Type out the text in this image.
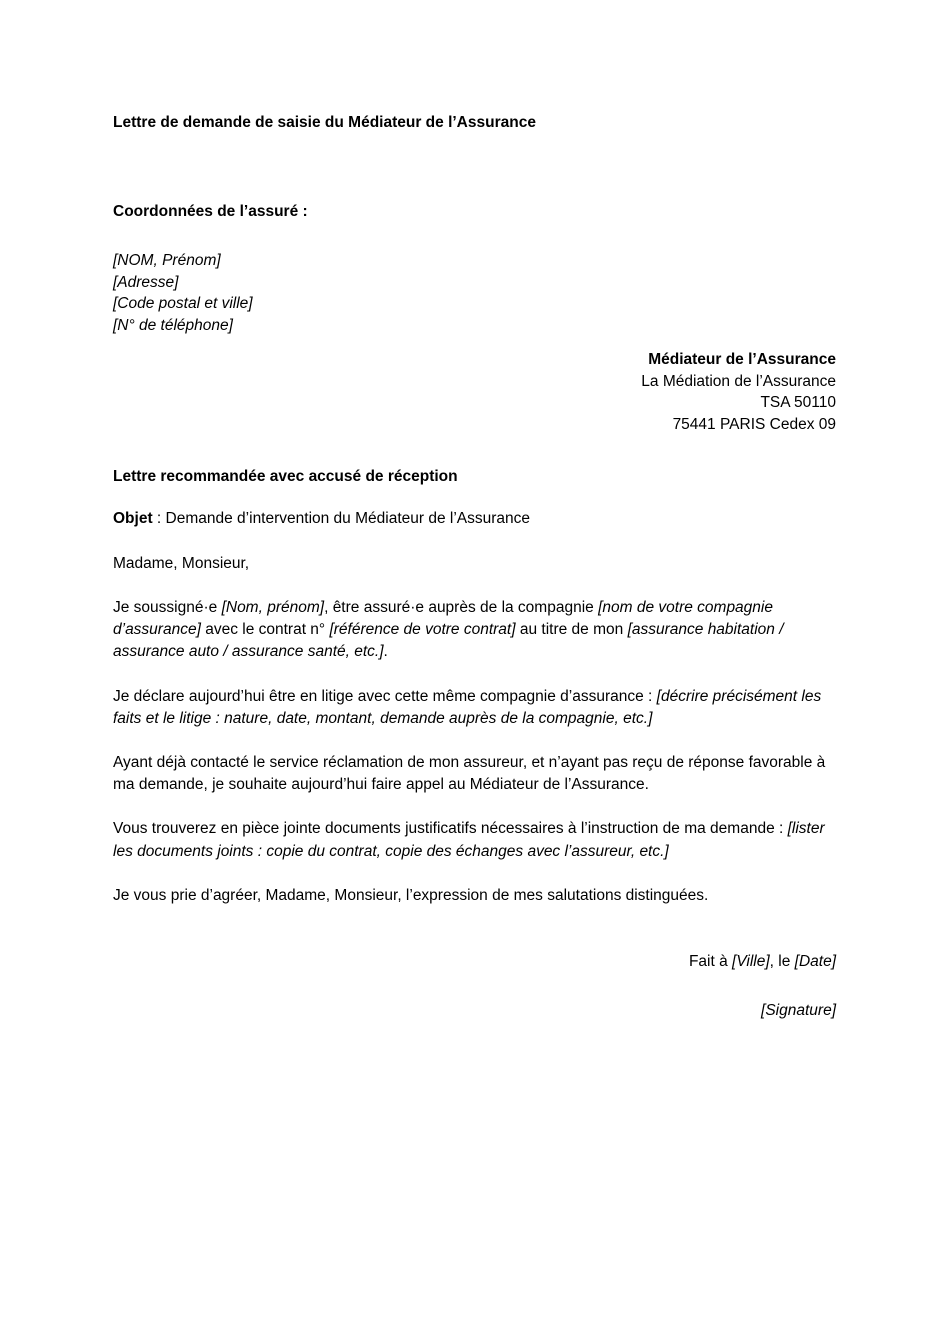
Lettre de demande de saisie du Médiateur de l’Assurance
Coordonnées de l’assuré :
[NOM, Prénom]
[Adresse]
[Code postal et ville]
[N° de téléphone]
Médiateur de l’Assurance
La Médiation de l’Assurance
TSA 50110
75441 PARIS Cedex 09

Lettre recommandée avec accusé de réception

Objet : Demande d’intervention du Médiateur de l’Assurance

Madame, Monsieur,

Je soussigné·e [Nom, prénom], être assuré·e auprès de la compagnie [nom de votre compagnie d’assurance] avec le contrat n° [référence de votre contrat] au titre de mon [assurance habitation / assurance auto / assurance santé, etc.].

Je déclare aujourd’hui être en litige avec cette même compagnie d’assurance : [décrire précisément les faits et le litige : nature, date, montant, demande auprès de la compagnie, etc.]

Ayant déjà contacté le service réclamation de mon assureur, et n’ayant pas reçu de réponse favorable à ma demande, je souhaite aujourd’hui faire appel au Médiateur de l’Assurance.

Vous trouverez en pièce jointe documents justificatifs nécessaires à l’instruction de ma demande : [lister les documents joints : copie du contrat, copie des échanges avec l’assureur, etc.]

Je vous prie d’agréer, Madame, Monsieur, l’expression de mes salutations distinguées.

Fait à [Ville], le [Date]

[Signature]
